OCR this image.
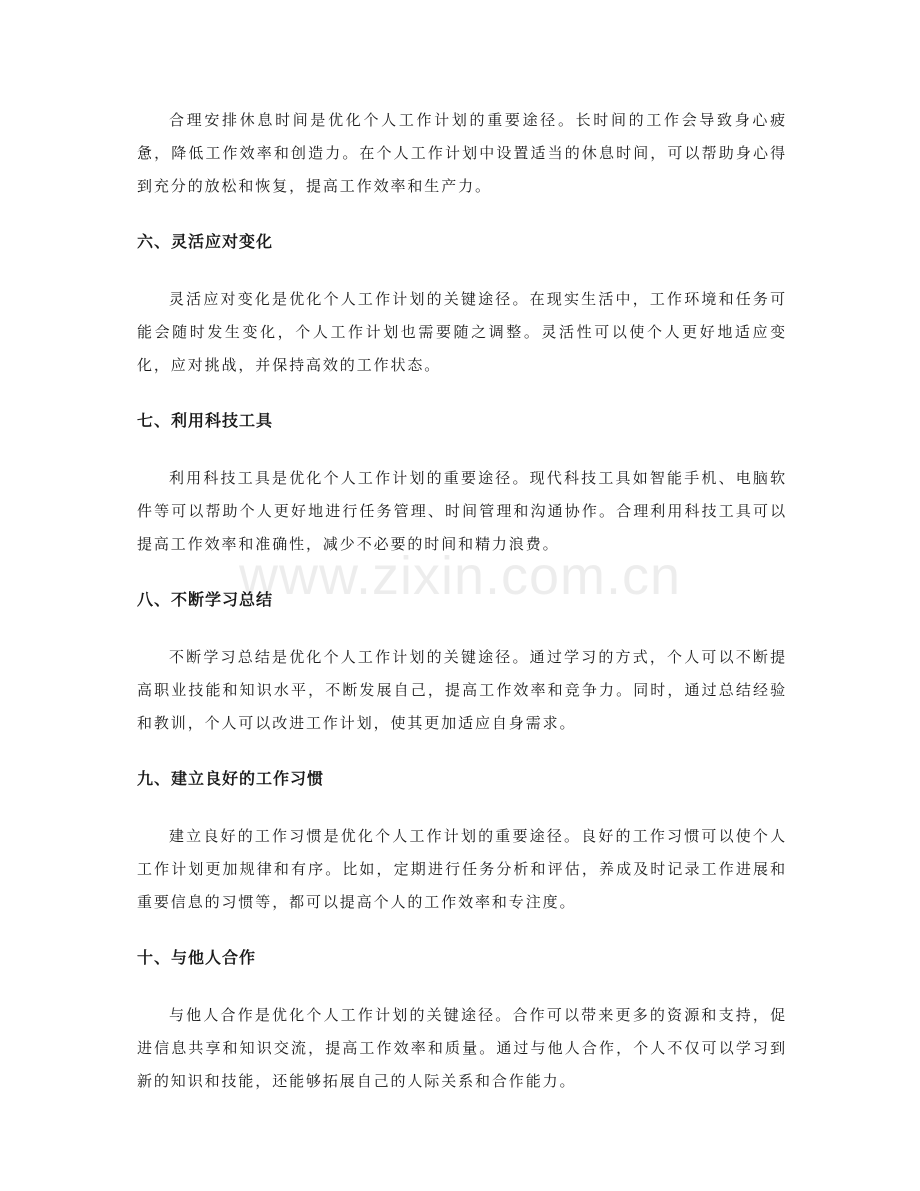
www.zixin.com.cn

合理安排休息时间是优化个人工作计划的重要途径。长时间的工作会导致身心疲惫，降低工作效率和创造力。在个人工作计划中设置适当的休息时间，可以帮助身心得到充分的放松和恢复，提高工作效率和生产力。

六、灵活应对变化

灵活应对变化是优化个人工作计划的关键途径。在现实生活中，工作环境和任务可能会随时发生变化，个人工作计划也需要随之调整。灵活性可以使个人更好地适应变化，应对挑战，并保持高效的工作状态。

七、利用科技工具

利用科技工具是优化个人工作计划的重要途径。现代科技工具如智能手机、电脑软件等可以帮助个人更好地进行任务管理、时间管理和沟通协作。合理利用科技工具可以提高工作效率和准确性，减少不必要的时间和精力浪费。

八、不断学习总结

不断学习总结是优化个人工作计划的关键途径。通过学习的方式，个人可以不断提高职业技能和知识水平，不断发展自己，提高工作效率和竞争力。同时，通过总结经验和教训，个人可以改进工作计划，使其更加适应自身需求。

九、建立良好的工作习惯

建立良好的工作习惯是优化个人工作计划的重要途径。良好的工作习惯可以使个人工作计划更加规律和有序。比如，定期进行任务分析和评估，养成及时记录工作进展和重要信息的习惯等，都可以提高个人的工作效率和专注度。

十、与他人合作

与他人合作是优化个人工作计划的关键途径。合作可以带来更多的资源和支持，促进信息共享和知识交流，提高工作效率和质量。通过与他人合作，个人不仅可以学习到新的知识和技能，还能够拓展自己的人际关系和合作能力。
